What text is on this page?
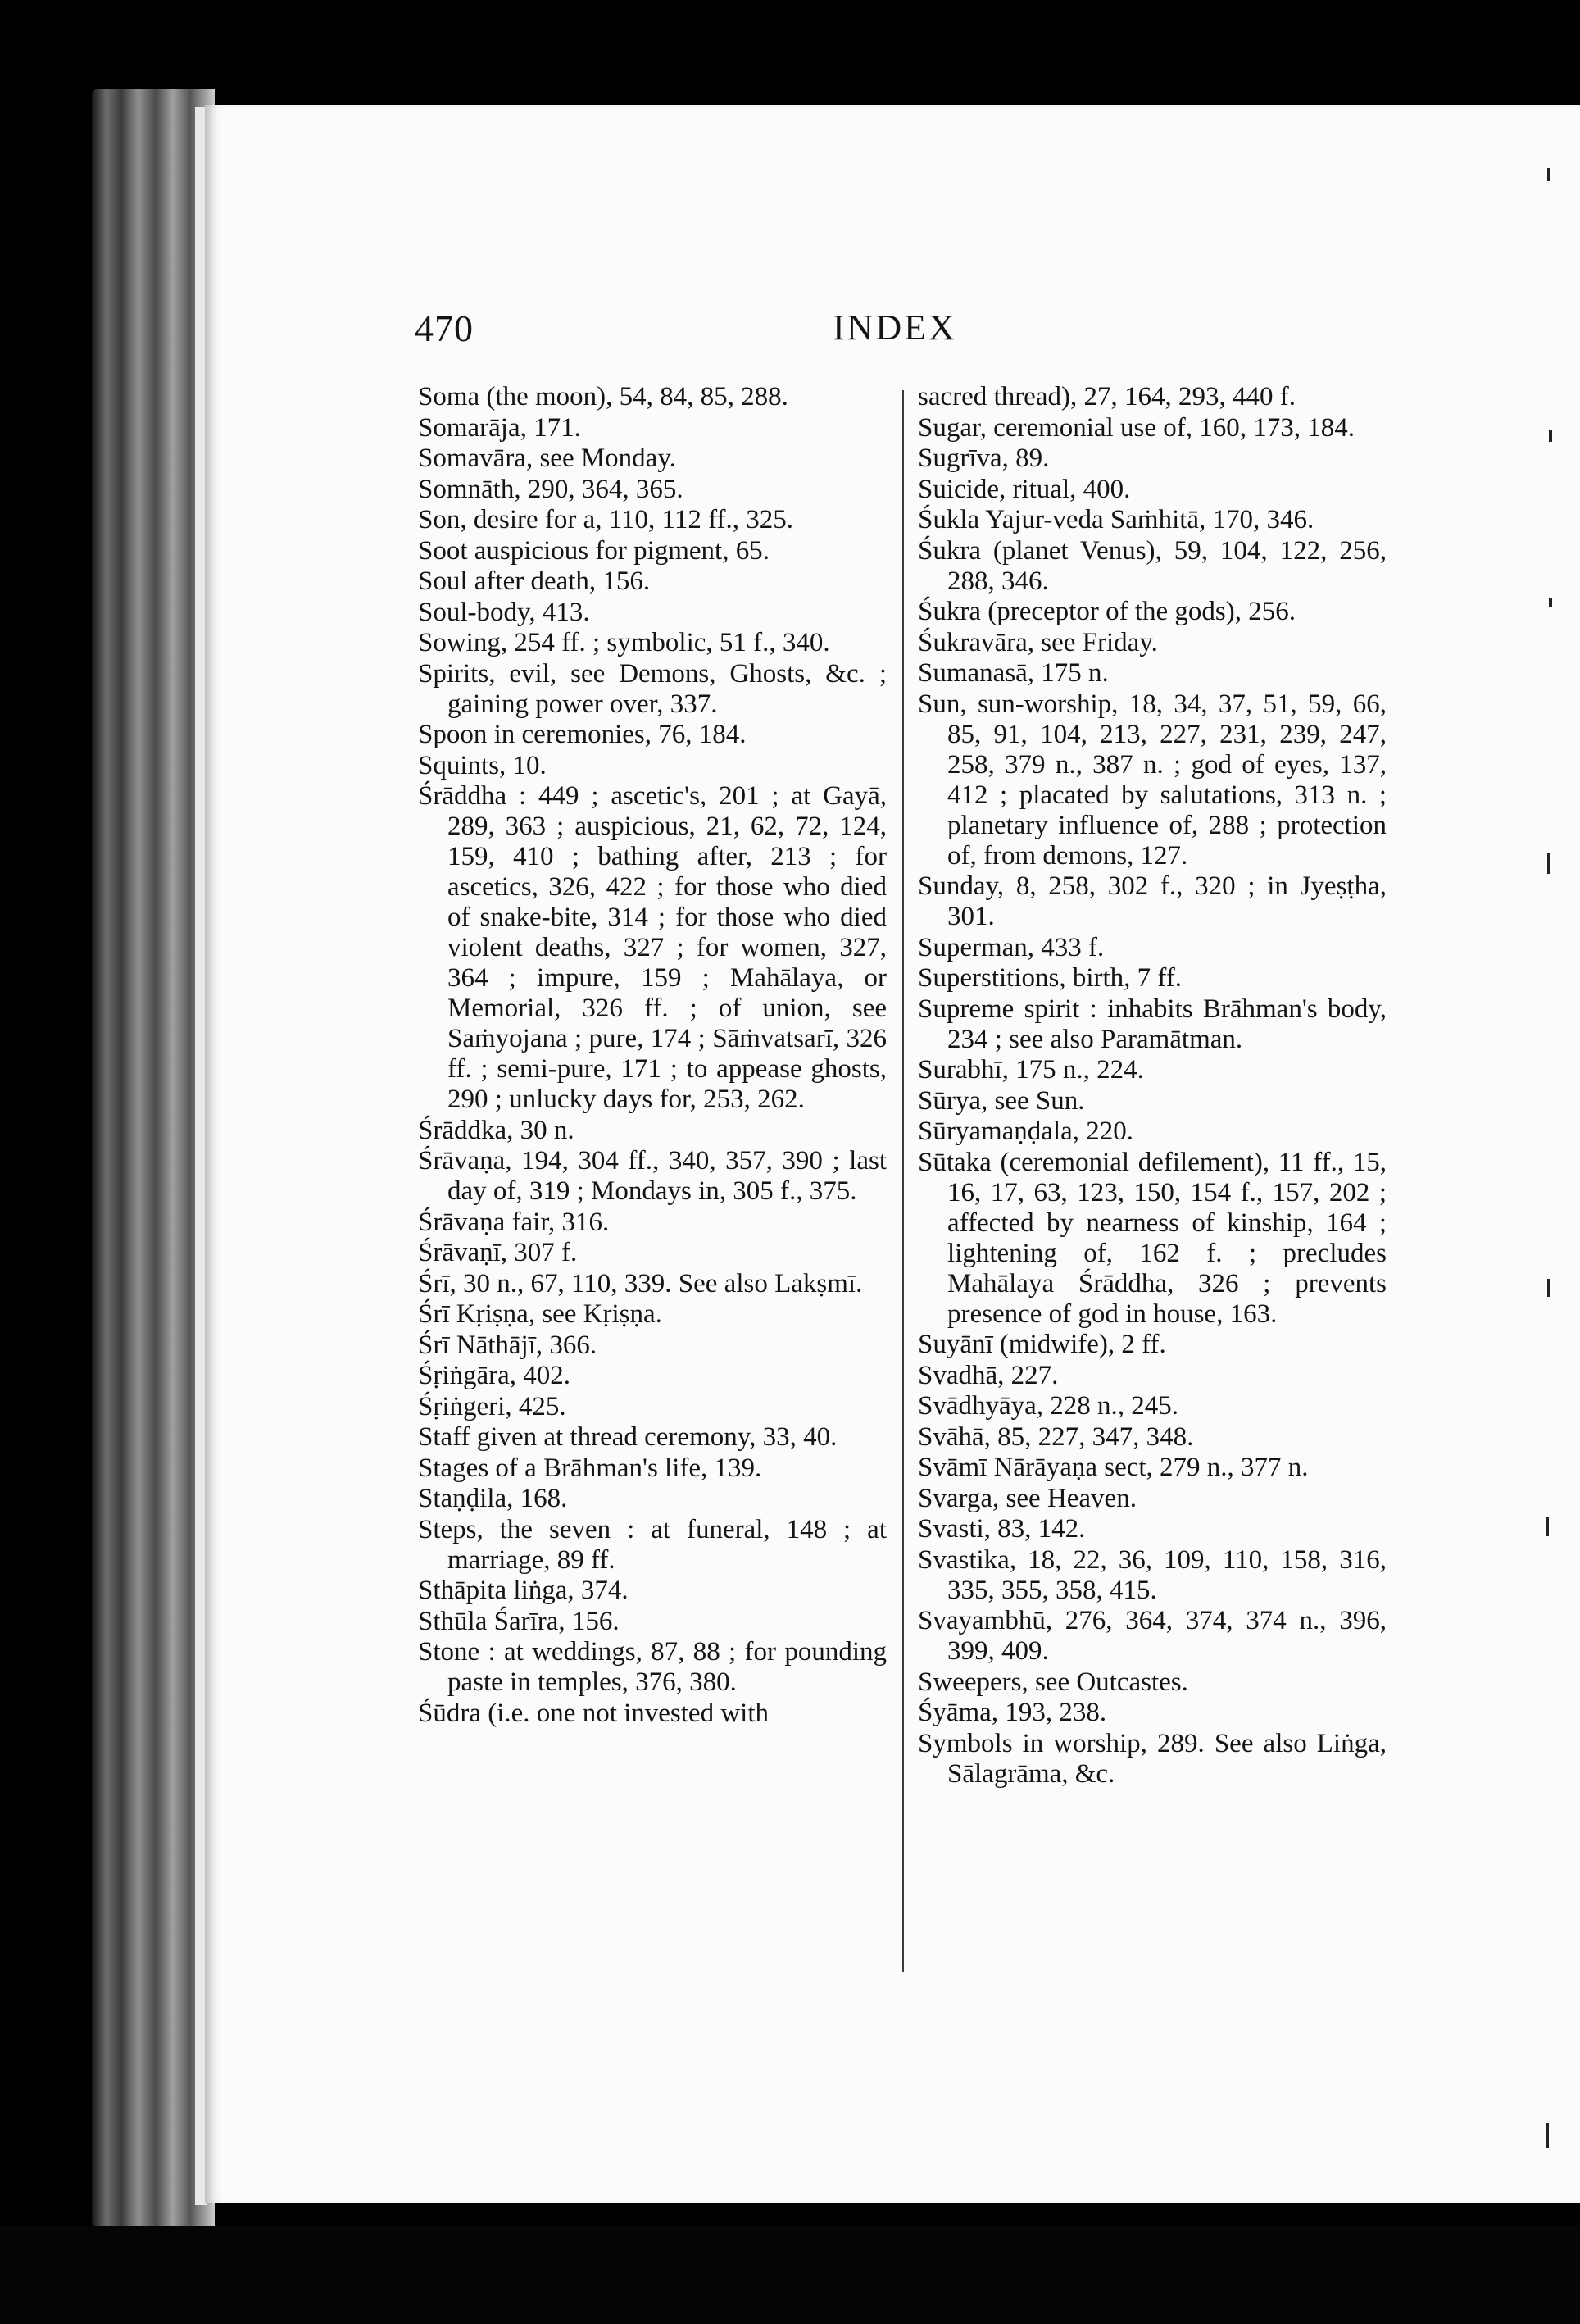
470	INDEX

Soma (the moon), 54, 84, 85, 288.

Somarāja, 171.

Somavāra, see Monday.

Somnāth, 290, 364, 365.

Son, desire for a, 110, 112 ff., 325.

Soot auspicious for pigment, 65.

Soul after death, 156.

Soul-body, 413.

Sowing, 254 ff. ; symbolic, 51 f., 340.

Spirits, evil, see Demons, Ghosts, &c. ; gaining power over, 337.

Spoon in ceremonies, 76, 184.

Squints, 10.

Śrāddha : 449 ; ascetic's, 201 ; at Gayā, 289, 363 ; auspicious, 21, 62, 72, 124, 159, 410 ; bathing after, 213 ; for ascetics, 326, 422 ; for those who died of snake-bite, 314 ; for those who died violent deaths, 327 ; for women, 327, 364 ; impure, 159 ; Mahālaya, or Memorial, 326 ff. ; of union, see Saṁyojana ; pure, 174 ; Sāṁvatsarī, 326 ff. ; semi-pure, 171 ; to appease ghosts, 290 ; unlucky days for, 253, 262.

Śrāddka, 30 n.

Śrāvaṇa, 194, 304 ff., 340, 357, 390 ; last day of, 319 ; Mondays in, 305 f., 375.

Śrāvaṇa fair, 316.

Śrāvaṇī, 307 f.

Śrī, 30 n., 67, 110, 339. See also Lakṣmī.

Śrī Kṛiṣṇa, see Kṛiṣṇa.

Śrī Nāthājī, 366.

Śṛiṅgāra, 402.

Śṛiṅgeri, 425.

Staff given at thread ceremony, 33, 40.

Stages of a Brāhman's life, 139.

Staṇḍila, 168.

Steps, the seven : at funeral, 148 ; at marriage, 89 ff.

Sthāpita liṅga, 374.

Sthūla Śarīra, 156.

Stone : at weddings, 87, 88 ; for pounding paste in temples, 376, 380.

Śūdra (i.e. one not invested with

sacred thread), 27, 164, 293, 440 f.

Sugar, ceremonial use of, 160, 173, 184.

Sugrīva, 89.

Suicide, ritual, 400.

Śukla Yajur-veda Saṁhitā, 170, 346.

Śukra (planet Venus), 59, 104, 122, 256, 288, 346.

Śukra (preceptor of the gods), 256.

Śukravāra, see Friday.

Sumanasā, 175 n.

Sun, sun-worship, 18, 34, 37, 51, 59, 66, 85, 91, 104, 213, 227, 231, 239, 247, 258, 379 n., 387 n. ; god of eyes, 137, 412 ; placated by salutations, 313 n. ; planetary influence of, 288 ; protection of, from demons, 127.

Sunday, 8, 258, 302 f., 320 ; in Jyeṣṭha, 301.

Superman, 433 f.

Superstitions, birth, 7 ff.

Supreme spirit : inhabits Brāhman's body, 234 ; see also Paramātman.

Surabhī, 175 n., 224.

Sūrya, see Sun.

Sūryamaṇḍala, 220.

Sūtaka (ceremonial defilement), 11 ff., 15, 16, 17, 63, 123, 150, 154 f., 157, 202 ; affected by nearness of kinship, 164 ; lightening of, 162 f. ; precludes Mahālaya Śrāddha, 326 ; prevents presence of god in house, 163.

Suyānī (midwife), 2 ff.

Svadhā, 227.

Svādhyāya, 228 n., 245.

Svāhā, 85, 227, 347, 348.

Svāmī Nārāyaṇa sect, 279 n., 377 n.

Svarga, see Heaven.

Svasti, 83, 142.

Svastika, 18, 22, 36, 109, 110, 158, 316, 335, 355, 358, 415.

Svayambhū, 276, 364, 374, 374 n., 396, 399, 409.

Sweepers, see Outcastes.

Śyāma, 193, 238.

Symbols in worship, 289. See also Liṅga, Sālagrāma, &c.
